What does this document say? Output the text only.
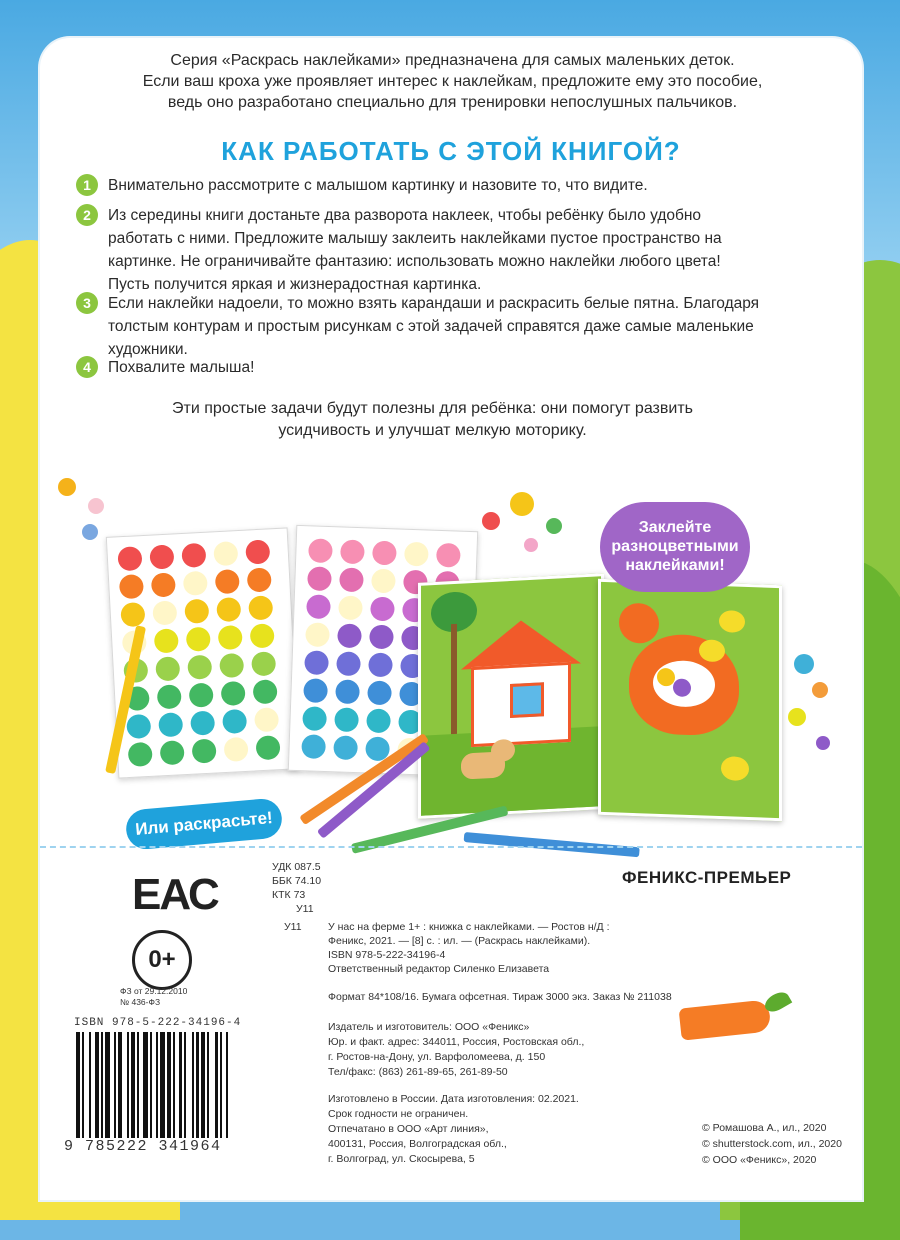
Серия «Раскрась наклейками» предназначена для самых маленьких деток.
Если ваш кроха уже проявляет интерес к наклейкам, предложите ему это пособие,
ведь оно разработано специально для тренировки непослушных пальчиков.
КАК РАБОТАТЬ С ЭТОЙ КНИГОЙ?
1	Внимательно рассмотрите с малышом картинку и назовите то, что видите.
2	Из середины книги достаньте два разворота наклеек, чтобы ребёнку было удобно
работать с ними. Предложите малышу заклеить наклейками пустое пространство на
картинке. Не ограничивайте фантазию: использовать можно наклейки любого цвета!
Пусть получится яркая и жизнерадостная картинка.
3	Если наклейки надоели, то можно взять карандаши и раскрасить белые пятна. Благодаря
толстым контурам и простым рисункам с этой задачей справятся даже самые маленькие
художники.
4	Похвалите малыша!
Эти простые задачи будут полезны для ребёнка: они помогут развить
усидчивость и улучшат мелкую моторику.
Заклейте
разноцветными
наклейками!
Или раскрасьте!
ЕАС
0+
ФЗ от 29.12.2010
№ 436-ФЗ
ISBN 978-5-222-34196-4
9 785222 341964
УДК 087.5
ББК 74.10
КТК 73
У11
ФЕНИКС-ПРЕМЬЕР
У11	У нас на ферме 1+ : книжка с наклейками. — Ростов н/Д :
Феникс, 2021. — [8] с. : ил. — (Раскрась наклейками).
ISBN 978-5-222-34196-4
Ответственный редактор Силенко Елизавета
Формат 84*108/16. Бумага офсетная. Тираж 3000 экз. Заказ № 211038
Издатель и изготовитель: ООО «Феникс»
Юр. и факт. адрес: 344011, Россия, Ростовская обл.,
г. Ростов-на-Дону, ул. Варфоломеева, д. 150
Тел/факс: (863) 261-89-65, 261-89-50
Изготовлено в России. Дата изготовления: 02.2021.
Срок годности не ограничен.
Отпечатано в ООО «Арт линия»,
400131, Россия, Волгоградская обл.,
г. Волгоград, ул. Скосырева, 5
© Ромашова А., ил., 2020
© shutterstock.com, ил., 2020
© ООО «Феникс», 2020
